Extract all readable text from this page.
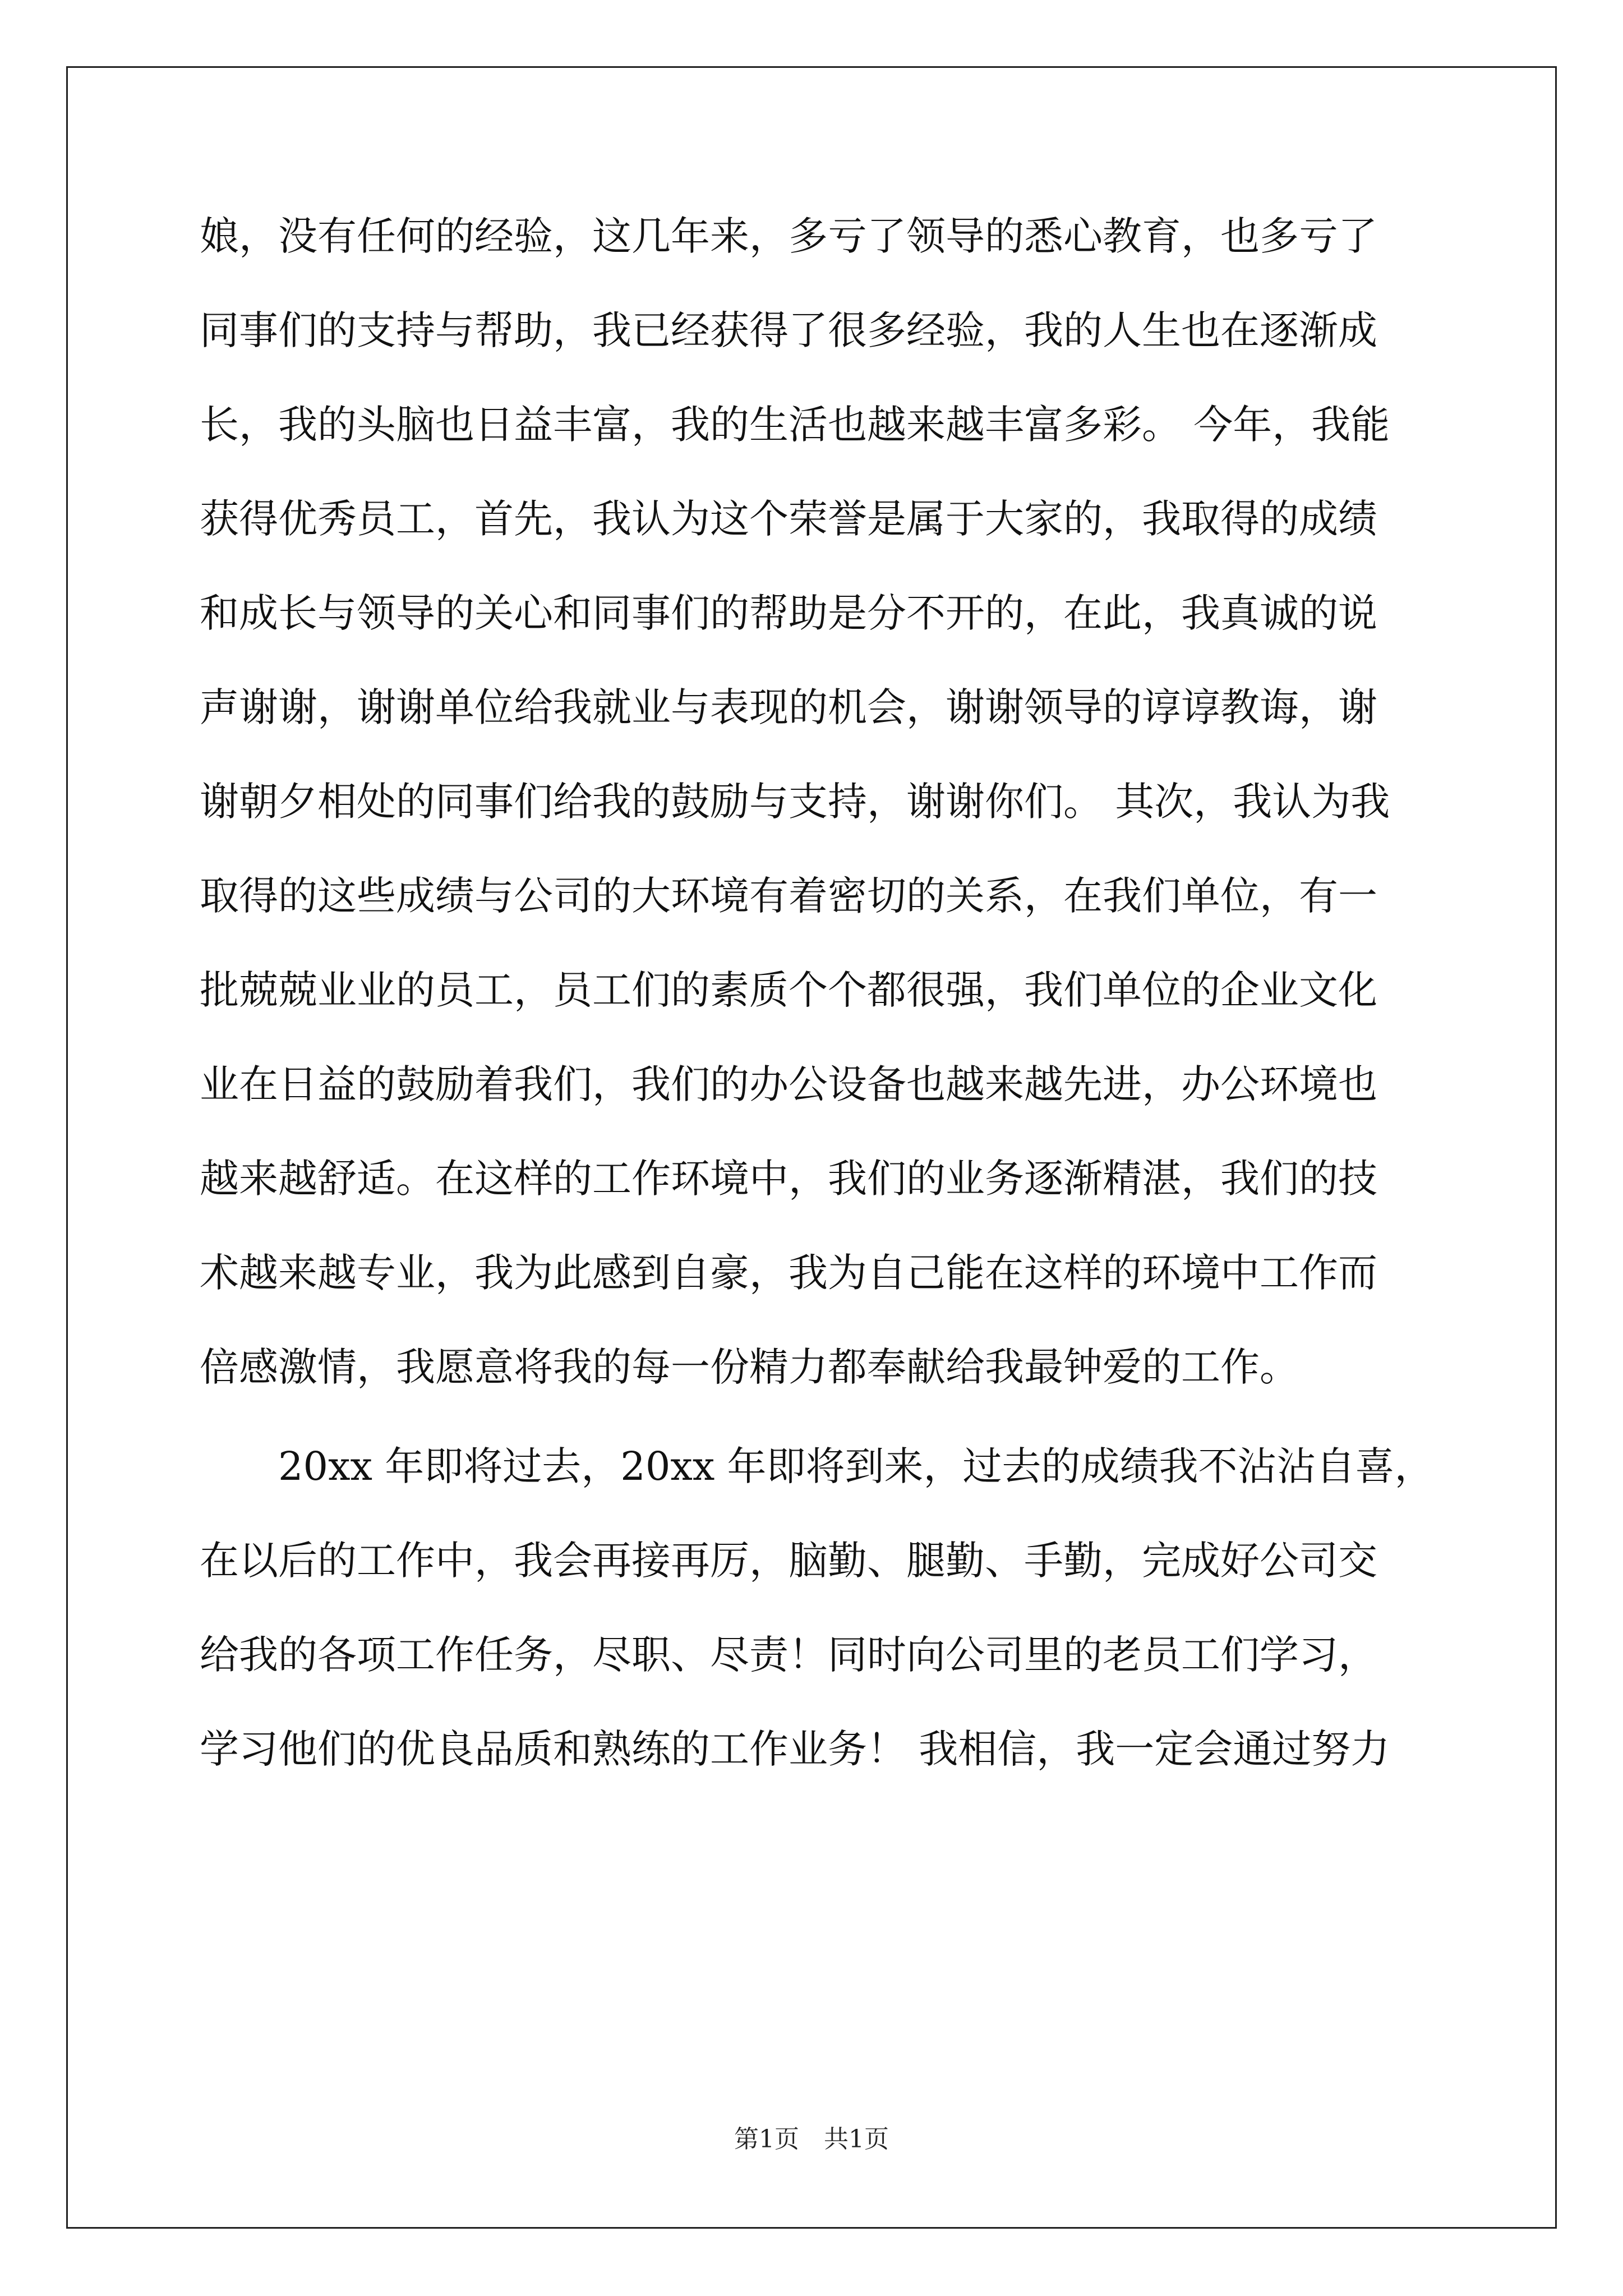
娘，没有任何的经验，这几年来，多亏了领导的悉心教育，也多亏了
同事们的支持与帮助，我已经获得了很多经验，我的人生也在逐渐成
长，我的头脑也日益丰富，我的生活也越来越丰富多彩。 今年，我能
获得优秀员工，首先，我认为这个荣誉是属于大家的，我取得的成绩
和成长与领导的关心和同事们的帮助是分不开的，在此，我真诚的说
声谢谢，谢谢单位给我就业与表现的机会，谢谢领导的谆谆教诲，谢
谢朝夕相处的同事们给我的鼓励与支持，谢谢你们。 其次，我认为我
取得的这些成绩与公司的大环境有着密切的关系，在我们单位，有一
批兢兢业业的员工，员工们的素质个个都很强，我们单位的企业文化
业在日益的鼓励着我们，我们的办公设备也越来越先进，办公环境也
越来越舒适。在这样的工作环境中，我们的业务逐渐精湛，我们的技
术越来越专业，我为此感到自豪，我为自己能在这样的环境中工作而
倍感激情，我愿意将我的每一份精力都奉献给我最钟爱的工作。
20xx 年即将过去，20xx 年即将到来，过去的成绩我不沾沾自喜，
在以后的工作中，我会再接再厉，脑勤、腿勤、手勤，完成好公司交
给我的各项工作任务，尽职、尽责！同时向公司里的老员工们学习，
学习他们的优良品质和熟练的工作业务！ 我相信，我一定会通过努力
第1页　共1页
